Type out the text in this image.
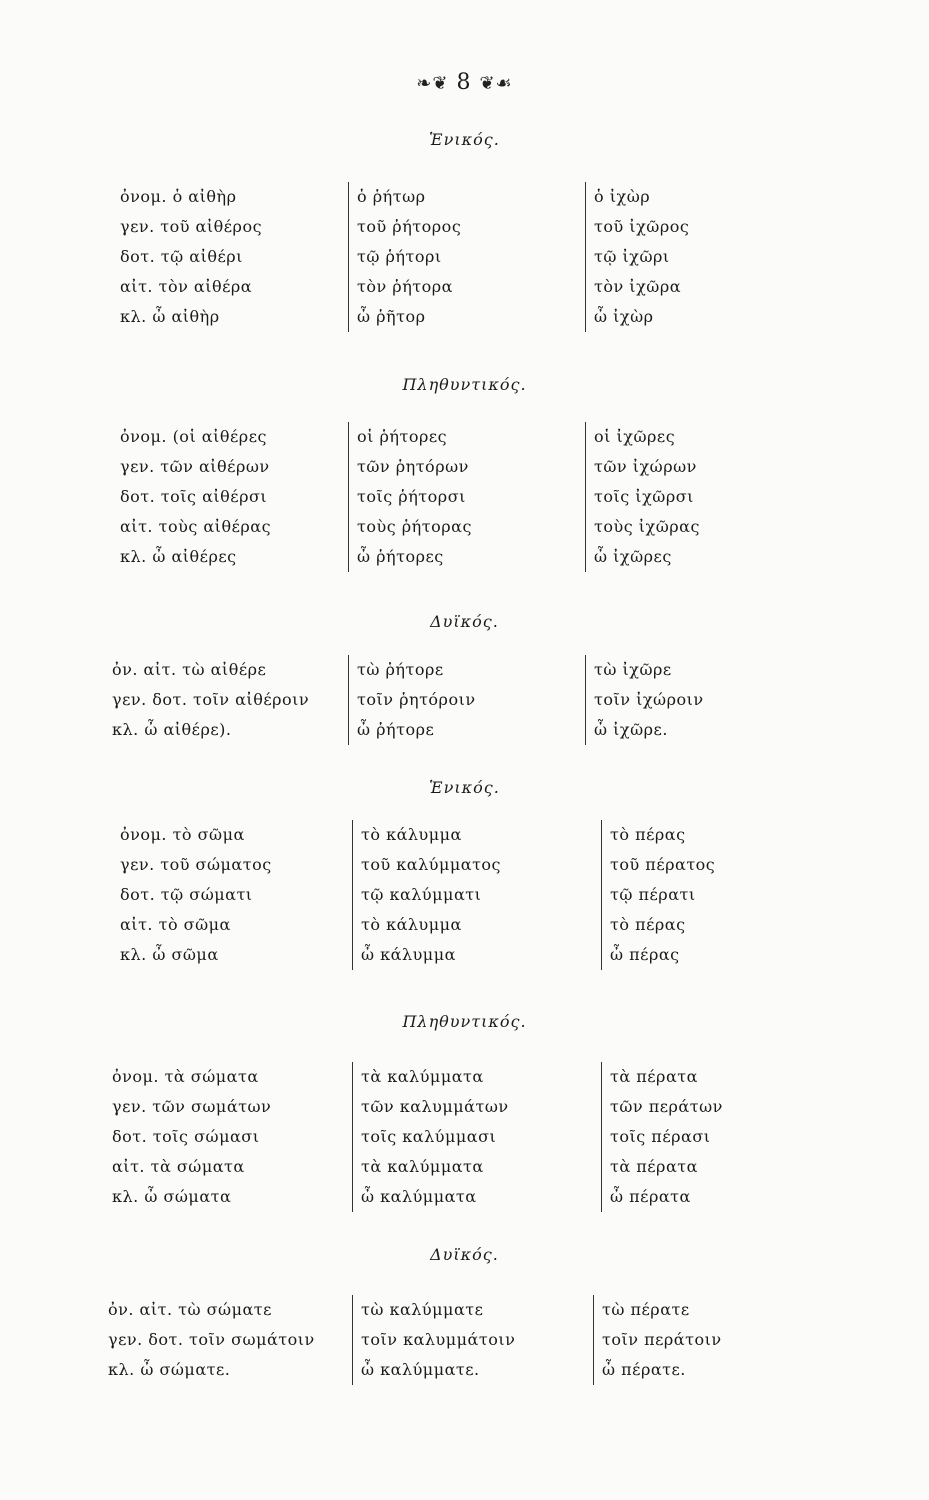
❧❦ 8 ❦☙
Ἑνικός.
ὀνομ. ὁ αἰθὴρ
γεν. τοῦ αἰθέρος
δοτ. τῷ αἰθέρι
αἰτ. τὸν αἰθέρα
κλ. ὦ αἰθὴρ
ὁ ῥήτωρ
τοῦ ῥήτορος
τῷ ῥήτορι
τὸν ῥήτορα
ὦ ῥῆτορ
ὁ ἰχὼρ
τοῦ ἰχῶρος
τῷ ἰχῶρι
τὸν ἰχῶρα
ὦ ἰχὼρ
Πληθυντικός.
ὀνομ. (οἱ αἰθέρες
γεν. τῶν αἰθέρων
δοτ. τοῖς αἰθέρσι
αἰτ. τοὺς αἰθέρας
κλ. ὦ αἰθέρες
οἱ ῥήτορες
τῶν ῥητόρων
τοῖς ῥήτορσι
τοὺς ῥήτορας
ὦ ῥήτορες
οἱ ἰχῶρες
τῶν ἰχώρων
τοῖς ἰχῶρσι
τοὺς ἰχῶρας
ὦ ἰχῶρες
Δυϊκός.
ὀν. αἰτ. τὼ αἰθέρε
γεν. δοτ. τοῖν αἰθέροιν
κλ. ὦ αἰθέρε).
τὼ ῥήτορε
τοῖν ῥητόροιν
ὦ ῥήτορε
τὼ ἰχῶρε
τοῖν ἰχώροιν
ὦ ἰχῶρε.
Ἑνικός.
ὀνομ. τὸ σῶμα
γεν. τοῦ σώματος
δοτ. τῷ σώματι
αἰτ. τὸ σῶμα
κλ. ὦ σῶμα
τὸ κάλυμμα
τοῦ καλύμματος
τῷ καλύμματι
τὸ κάλυμμα
ὦ κάλυμμα
τὸ πέρας
τοῦ πέρατος
τῷ πέρατι
τὸ πέρας
ὦ πέρας
Πληθυντικός.
ὀνομ. τὰ σώματα
γεν. τῶν σωμάτων
δοτ. τοῖς σώμασι
αἰτ. τὰ σώματα
κλ. ὦ σώματα
τὰ καλύμματα
τῶν καλυμμάτων
τοῖς καλύμμασι
τὰ καλύμματα
ὦ καλύμματα
τὰ πέρατα
τῶν περάτων
τοῖς πέρασι
τὰ πέρατα
ὦ πέρατα
Δυϊκός.
ὀν. αἰτ. τὼ σώματε
γεν. δοτ. τοῖν σωμάτοιν
κλ. ὦ σώματε.
τὼ καλύμματε
τοῖν καλυμμάτοιν
ὦ καλύμματε.
τὼ πέρατε
τοῖν περάτοιν
ὦ πέρατε.
